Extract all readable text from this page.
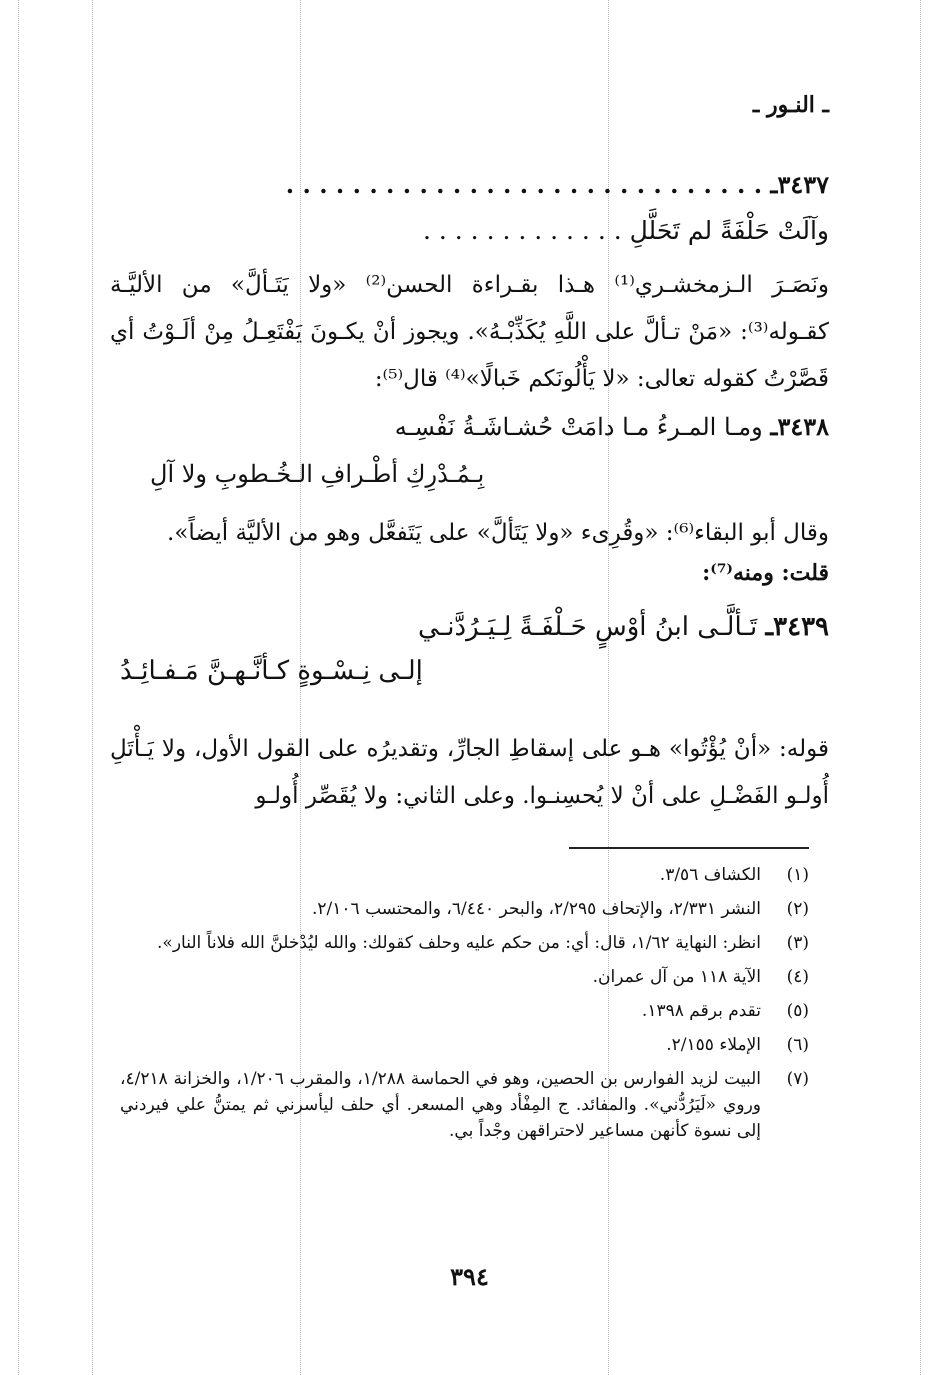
ـ النـور ـ
٣٤٣٧ـ . . . . . . . . . . . . . . . . . . . . . . . . . . . . .
وآلَتْ حَلْفَةً لم تَحَلَّلِ . . . . . . . . . . . . .
ونَصَـرَ الـزمخشـري⁽¹⁾ هـذا بقـراءة الحسن⁽²⁾ «ولا يَتَـألَّ» من الأليَّـة كقـوله⁽³⁾: «مَنْ تـألَّ على اللَّهِ يُكَذِّبْـهُ». ويجوز أنْ يكـونَ يَفْتَعِـلُ مِنْ ألَـوْتُ أي قَصَّرْتُ كقوله تعالى: «لا يَأْلُونَكم خَبالًا»⁽⁴⁾ قال⁽⁵⁾:
٣٤٣٨ـ ومـا المـرءُ مـا دامَتْ حُشـاشَـةُ نَفْسِـه
بِـمُـدْرِكِ أطْـرافِ الـخُـطوبِ ولا آلِ
وقال أبو البقاء⁽⁶⁾: «وقُرِىء «ولا يَتَألَّ» على يَتَفعَّل وهو من الأليَّة أيضاً».
قلت: ومنه⁽⁷⁾:
٣٤٣٩ـ تَـألَّـى ابنُ أوْسٍ حَـلْفَـةً لِـيَـرُدَّنـي
إلـى نِـسْـوةٍ كـأنَّـهـنَّ مَـفـائِـدُ
قوله: «أنْ يُؤْتُوا» هـو على إسقاطِ الجارِّ، وتقديرُه على القول الأول، ولا يَـأْتَلِ أُولـو الفَضْـلِ على أنْ لا يُحسِنـوا. وعلى الثاني: ولا يُقَصِّر أُولـو
(١)
الكشاف ٣/٥٦.
(٢)
النشر ٢/٣٣١، والإتحاف ٢/٢٩٥، والبحر ٦/٤٤٠، والمحتسب ٢/١٠٦.
(٣)
انظر: النهاية ١/٦٢، قال: أي: من حكم عليه وحلف كقولك: والله ليُدْخلنَّ الله فلاناً النار».
(٤)
الآية ١١٨ من آل عمران.
(٥)
تقدم برقم ١٣٩٨.
(٦)
الإملاء ٢/١٥٥.
(٧)
البيت لزيد الفوارس بن الحصين، وهو في الحماسة ١/٢٨٨، والمقرب ١/٢٠٦، والخزانة ٤/٢١٨، وروي «لَيَرُدُّني». والمفائد. ج المِفْأد وهي المسعر. أي حلف ليأسرني ثم يمتنُّ علي فيردني إلى نسوة كأنهن مساعير لاحتراقهن وجْداً بي.
٣٩٤
